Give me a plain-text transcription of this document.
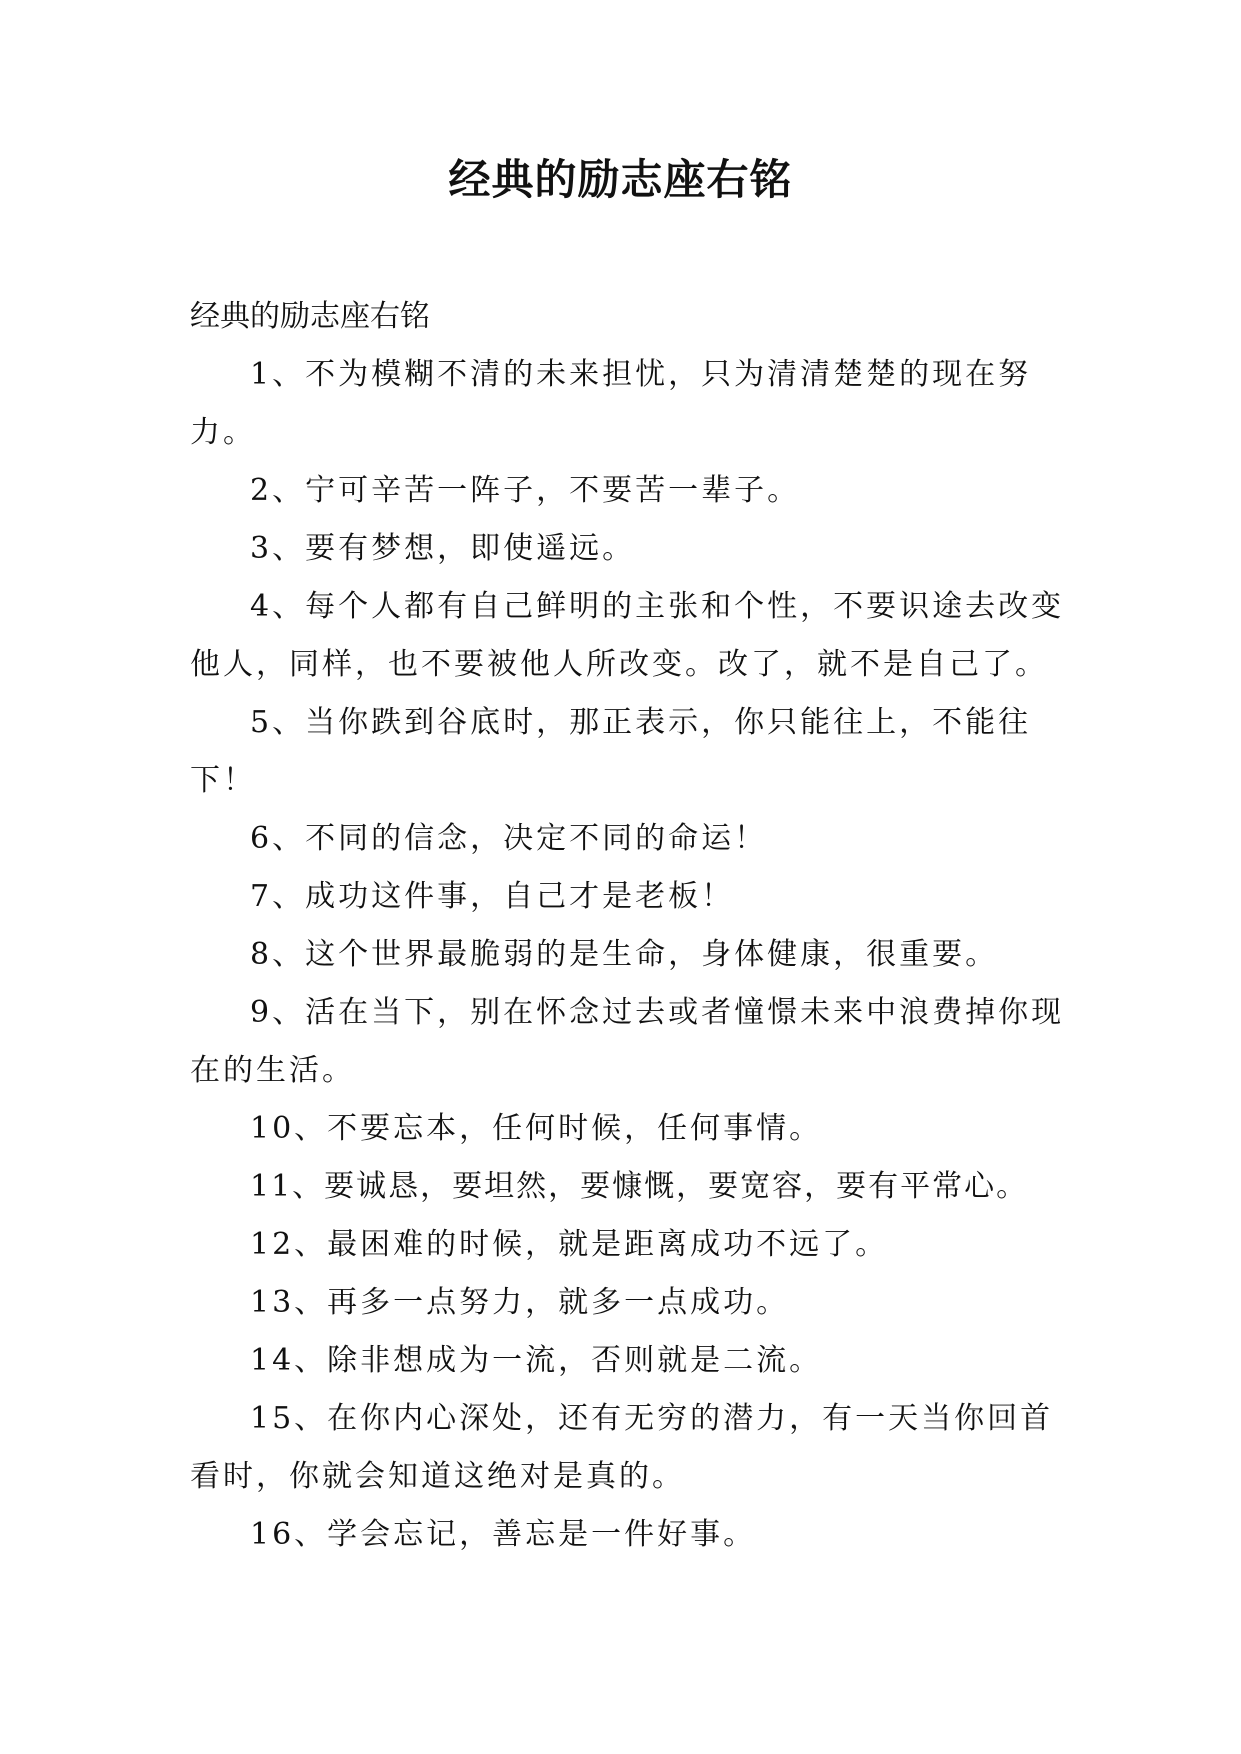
经典的励志座右铭

经典的励志座右铭

1、不为模糊不清的未来担忧，只为清清楚楚的现在努力。

2、宁可辛苦一阵子，不要苦一辈子。

3、要有梦想，即使遥远。

4、每个人都有自己鲜明的主张和个性，不要识途去改变他人，同样，也不要被他人所改变。改了，就不是自己了。

5、当你跌到谷底时，那正表示，你只能往上，不能往下！

6、不同的信念，决定不同的命运！

7、成功这件事，自己才是老板！

8、这个世界最脆弱的是生命，身体健康，很重要。

9、活在当下，别在怀念过去或者憧憬未来中浪费掉你现在的生活。

10、不要忘本，任何时候，任何事情。

11、要诚恳，要坦然，要慷慨，要宽容，要有平常心。

12、最困难的时候，就是距离成功不远了。

13、再多一点努力，就多一点成功。

14、除非想成为一流，否则就是二流。

15、在你内心深处，还有无穷的潜力，有一天当你回首看时，你就会知道这绝对是真的。

16、学会忘记，善忘是一件好事。
